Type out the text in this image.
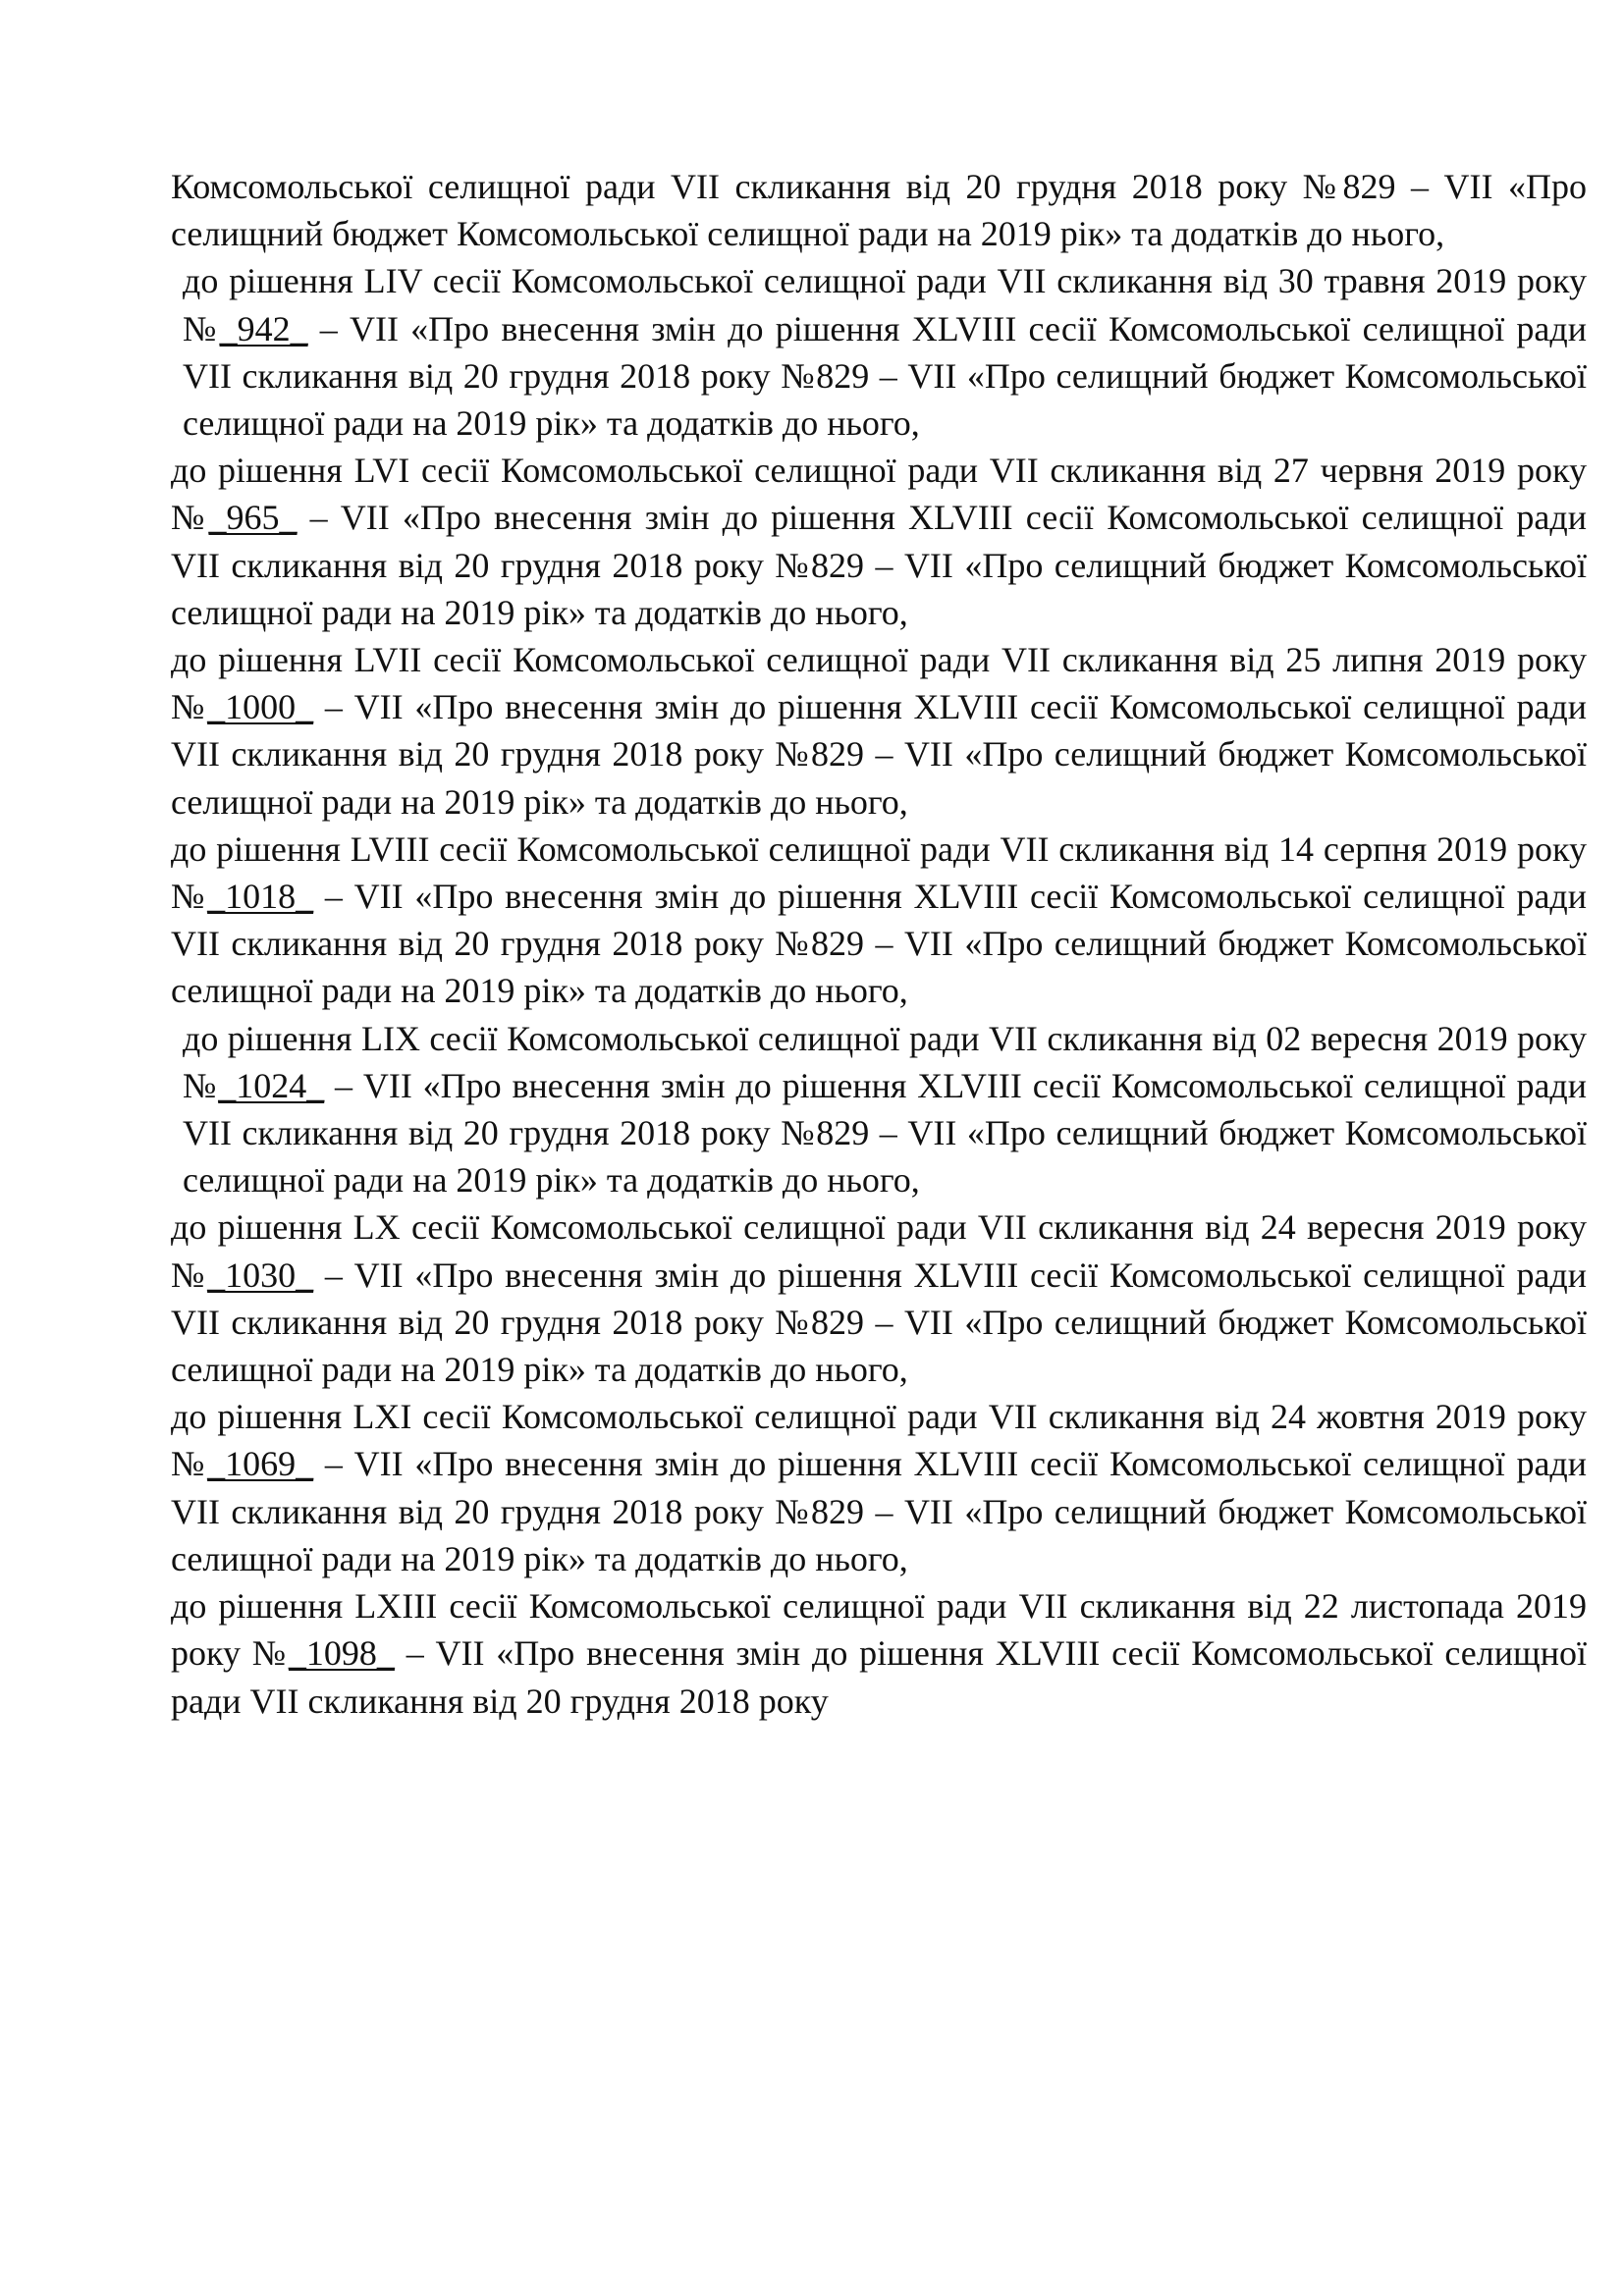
Комсомольської селищної ради VII скликання від 20 грудня 2018 року №829 – VII «Про селищний бюджет Комсомольської селищної ради на 2019 рік» та додатків до нього,

до рішення LIV сесії Комсомольської селищної ради VII скликання від 30 травня 2019 року №_942_ – VII «Про внесення змін до рішення XLVIII сесії Комсомольської селищної ради VII скликання від 20 грудня 2018 року №829 – VII «Про селищний бюджет Комсомольської селищної ради на 2019 рік» та додатків до нього,

до рішення LVI сесії Комсомольської селищної ради VII скликання від 27 червня 2019 року №_965_ – VII «Про внесення змін до рішення XLVIII сесії Комсомольської селищної ради VII скликання від 20 грудня 2018 року №829 – VII «Про селищний бюджет Комсомольської селищної ради на 2019 рік» та додатків до нього,

до рішення LVII сесії Комсомольської селищної ради VII скликання від 25 липня 2019 року №_1000_ – VII «Про внесення змін до рішення XLVIII сесії Комсомольської селищної ради VII скликання від 20 грудня 2018 року №829 – VII «Про селищний бюджет Комсомольської селищної ради на 2019 рік» та додатків до нього,

до рішення LVIII сесії Комсомольської селищної ради VII скликання від 14 серпня 2019 року №_1018_ – VII «Про внесення змін до рішення XLVIII сесії Комсомольської селищної ради VII скликання від 20 грудня 2018 року №829 – VII «Про селищний бюджет Комсомольської селищної ради на 2019 рік» та додатків до нього,

до рішення LIX сесії Комсомольської селищної ради VII скликання від 02 вересня 2019 року №_1024_ – VII «Про внесення змін до рішення XLVIII сесії Комсомольської селищної ради VII скликання від 20 грудня 2018 року №829 – VII «Про селищний бюджет Комсомольської селищної ради на 2019 рік» та додатків до нього,

до рішення LX сесії Комсомольської селищної ради VII скликання від 24 вересня 2019 року №_1030_ – VII «Про внесення змін до рішення XLVIII сесії Комсомольської селищної ради VII скликання від 20 грудня 2018 року №829 – VII «Про селищний бюджет Комсомольської селищної ради на 2019 рік» та додатків до нього,

до рішення LXI сесії Комсомольської селищної ради VII скликання від 24 жовтня 2019 року №_1069_ – VII «Про внесення змін до рішення XLVIII сесії Комсомольської селищної ради VII скликання від 20 грудня 2018 року №829 – VII «Про селищний бюджет Комсомольської селищної ради на 2019 рік» та додатків до нього,

до рішення LXIII сесії Комсомольської селищної ради VII скликання від 22 листопада 2019 року №_1098_ – VII «Про внесення змін до рішення XLVIII сесії Комсомольської селищної ради VII скликання від 20 грудня 2018 року
